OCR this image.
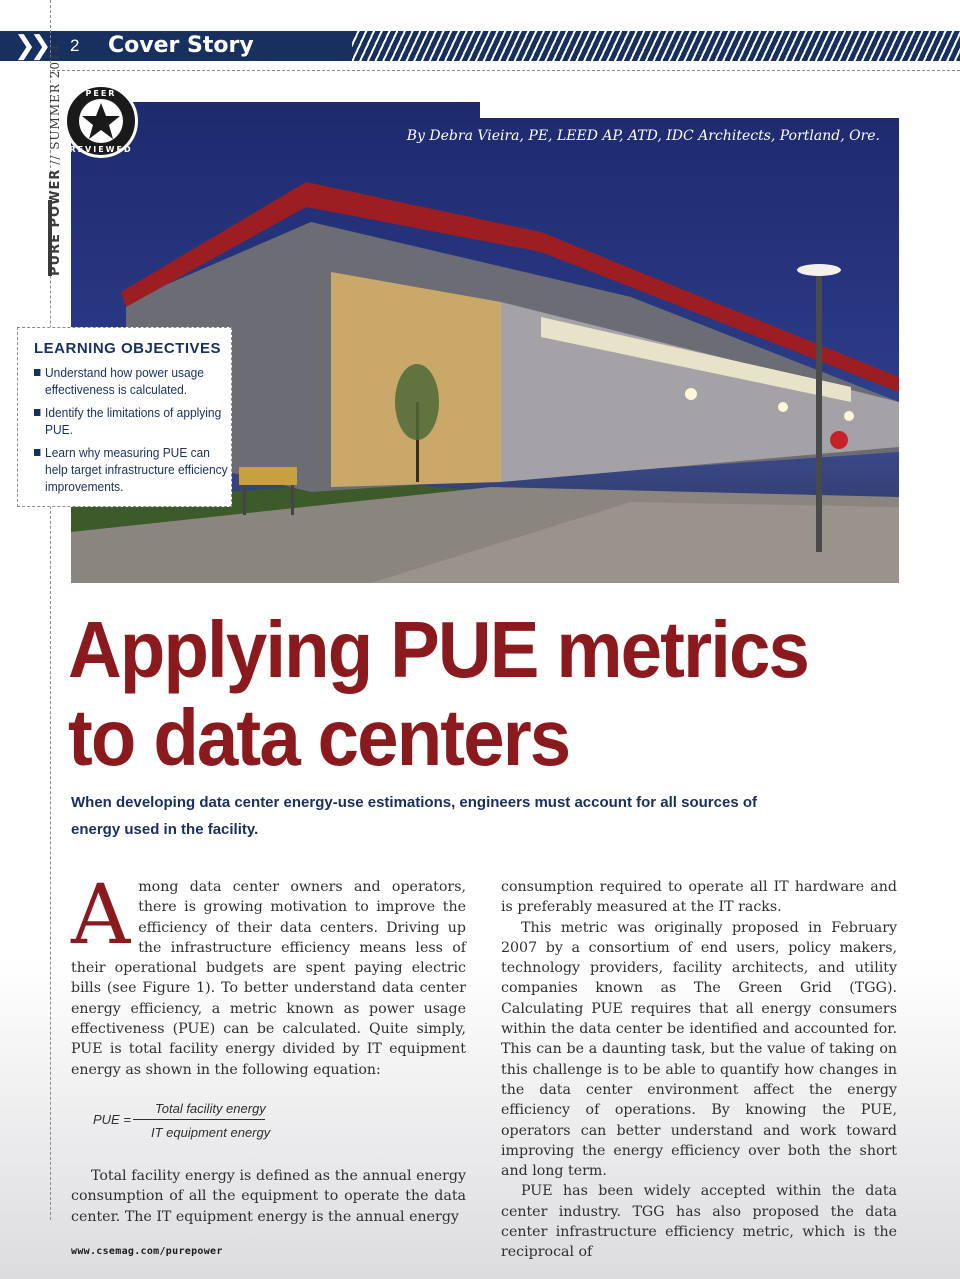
❯❯ 2 Cover Story
PURE POWER// SUMMER 2014	By Debra Vieira, PE, LEED AP, ATD, IDC Architects, Portland, Ore.
PEER
REVIEWED
LEARNING OBJECTIVES
Understand how power usage effectiveness is calculated.
Identify the limitations of applying PUE.
Learn why measuring PUE can help target infrastructure efficiency improvements.
Applying PUE metrics
to data centers

When developing data center energy-use estimations, engineers must account for all sources of energy used in the facility.

A mong data center owners and operators, there is growing motivation to improve the efficiency of their data centers. Driving up the infrastructure efficiency means less of their operational budgets are spent paying electric bills (see Figure 1). To better understand data center energy efficiency, a metric known as power usage effectiveness (PUE) can be calculated. Quite simply, PUE is total facility energy divided by IT equipment energy as shown in the following equation:

PUE =
Total facility energy
IT equipment energy

Total facility energy is defined as the annual energy consumption of all the equipment to operate the data center. The IT equipment energy is the annual energy

consumption required to operate all IT hardware and is preferably measured at the IT racks.

This metric was originally proposed in February 2007 by a consortium of end users, policy makers, technology providers, facility architects, and utility companies known as The Green Grid (TGG). Calculating PUE requires that all energy consumers within the data center be identified and accounted for. This can be a daunting task, but the value of taking on this challenge is to be able to quantify how changes in the data center environment affect the energy efficiency of operations. By knowing the PUE, operators can better understand and work toward improving the energy efficiency over both the short and long term.

PUE has been widely accepted within the data center industry. TGG has also proposed the data center infrastructure efficiency metric, which is the reciprocal of

www.csemag.com/purepower
